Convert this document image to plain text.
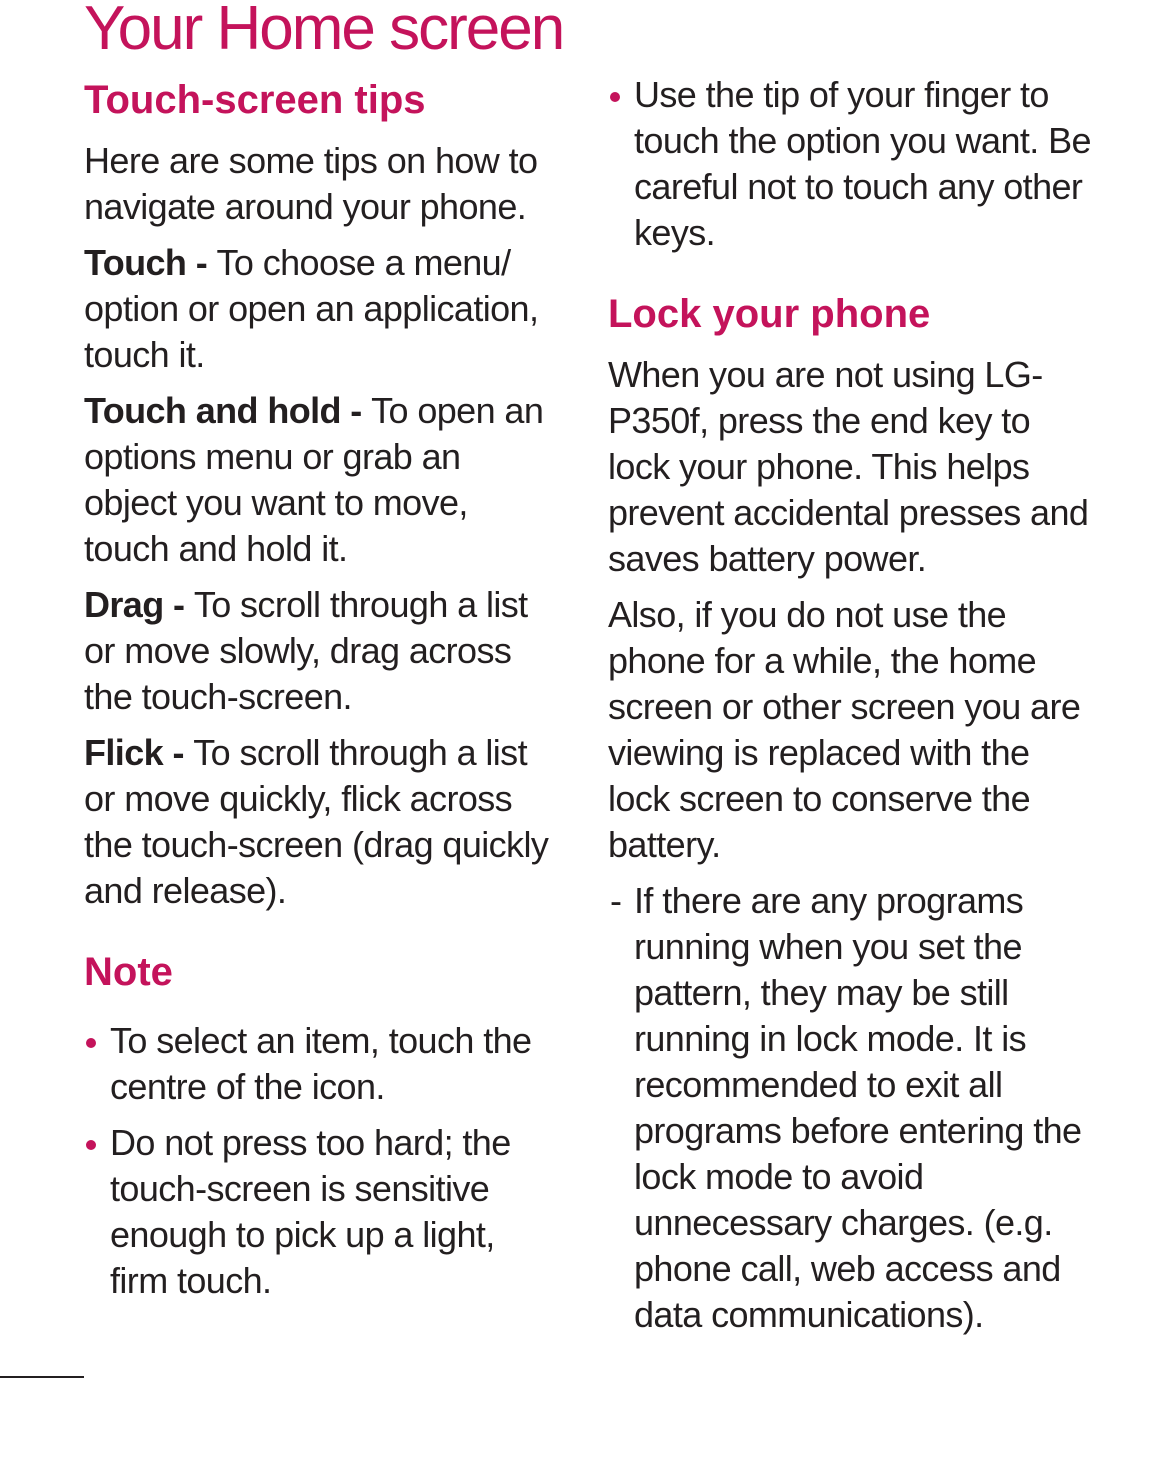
Your Home screen
Touch-screen tips

Here are some tips on how to navigate around your phone.

Touch - To choose a menu/ option or open an application, touch it.

Touch and hold - To open an options menu or grab an object you want to move, touch and hold it.

Drag - To scroll through a list or move slowly, drag across the touch-screen.

Flick - To scroll through a list or move quickly, flick across the touch-screen (drag quickly and release).

Note
To select an item, touch the centre of the icon.
Do not press too hard; the touch-screen is sensitive enough to pick up a light, firm touch.
Use the tip of your finger to touch the option you want. Be careful not to touch any other keys.
Lock your phone

When you are not using LG-P350f, press the end key to lock your phone. This helps prevent accidental presses and saves battery power.

Also, if you do not use the phone for a while, the home screen or other screen you are viewing is replaced with the lock screen to conserve the battery.

- If there are any programs running when you set the pattern, they may be still running in lock mode. It is recommended to exit all programs before entering the lock mode to avoid unnecessary charges. (e.g. phone call, web access and data communications).
